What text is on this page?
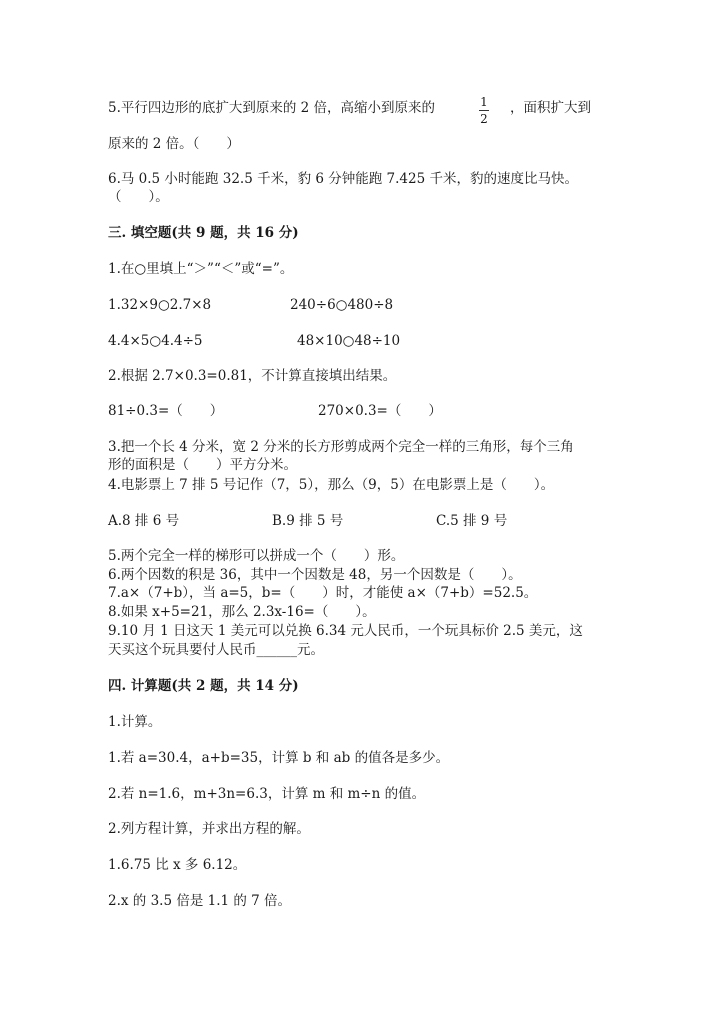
5.平行四边形的底扩大到原来的 2 倍，高缩小到原来的	1
2
，面积扩大到
原来的 2 倍。（　　）
6.马 0.5 小时能跑 32.5 千米，豹 6 分钟能跑 7.425 千米，豹的速度比马快。
（　　）。
三. 填空题(共 9 题，共 16 分)
1.在○里填上“＞”“＜”或“=”。
1.32×9○2.7×8	240÷6○480÷8
4.4×5○4.4÷5	48×10○48÷10
2.根据 2.7×0.3=0.81，不计算直接填出结果。
81÷0.3=（　　）	270×0.3=（　　）
3.把一个长 4 分米，宽 2 分米的长方形剪成两个完全一样的三角形，每个三角
形的面积是（　　）平方分米。
4.电影票上 7 排 5 号记作（7，5），那么（9，5）在电影票上是（　　）。
A.8 排 6 号	B.9 排 5 号	C.5 排 9 号
5.两个完全一样的梯形可以拼成一个（　　）形。
6.两个因数的积是 36，其中一个因数是 48，另一个因数是（　　）。
7.a×（7+b），当 a=5，b=（　　）时，才能使 a×（7+b）=52.5。
8.如果 x+5=21，那么 2.3x-16=（　　）。
9.10 月 1 日这天 1 美元可以兑换 6.34 元人民币，一个玩具标价 2.5 美元，这
天买这个玩具要付人民币______元。
四. 计算题(共 2 题，共 14 分)
1.计算。
1.若 a=30.4，a+b=35，计算 b 和 ab 的值各是多少。
2.若 n=1.6，m+3n=6.3，计算 m 和 m÷n 的值。
2.列方程计算，并求出方程的解。
1.6.75 比 x 多 6.12。
2.x 的 3.5 倍是 1.1 的 7 倍。
